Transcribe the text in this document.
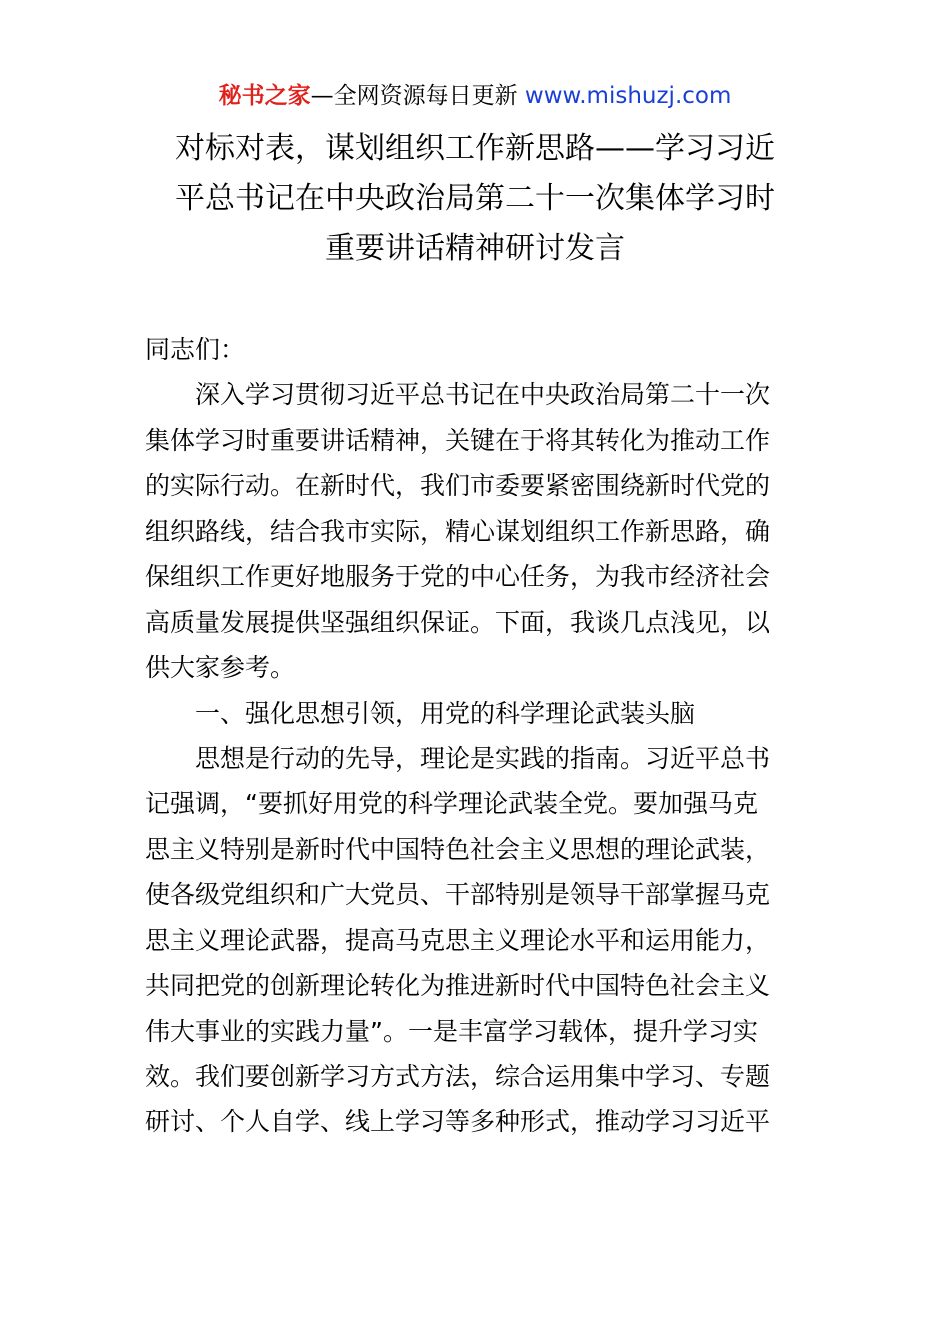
秘书之家—全网资源每日更新 www.mishuzj.com
对标对表，谋划组织工作新思路——学习习近
平总书记在中央政治局第二十一次集体学习时
重要讲话精神研讨发言
同志们：
深入学习贯彻习近平总书记在中央政治局第二十一次
集体学习时重要讲话精神，关键在于将其转化为推动工作
的实际行动。在新时代，我们市委要紧密围绕新时代党的
组织路线，结合我市实际，精心谋划组织工作新思路，确
保组织工作更好地服务于党的中心任务，为我市经济社会
高质量发展提供坚强组织保证。下面，我谈几点浅见，以
供大家参考。
一、强化思想引领，用党的科学理论武装头脑
思想是行动的先导，理论是实践的指南。习近平总书
记强调，“要抓好用党的科学理论武装全党。要加强马克
思主义特别是新时代中国特色社会主义思想的理论武装，
使各级党组织和广大党员、干部特别是领导干部掌握马克
思主义理论武器，提高马克思主义理论水平和运用能力，
共同把党的创新理论转化为推进新时代中国特色社会主义
伟大事业的实践力量”。一是丰富学习载体，提升学习实
效。我们要创新学习方式方法，综合运用集中学习、专题
研讨、个人自学、线上学习等多种形式，推动学习习近平
